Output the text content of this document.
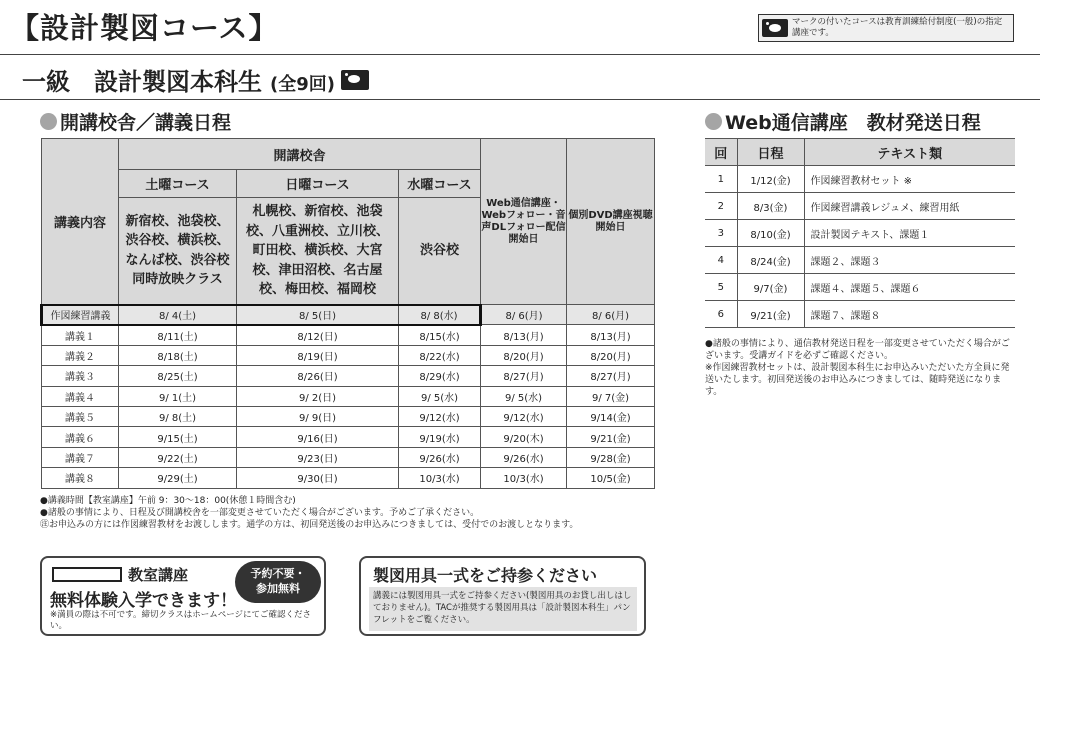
【設計製図コース】	マークの付いたコースは教育訓練給付制度(一般)の指定講座です。
一級　設計製図本科生 (全9回)
開講校舎／講義日程	Web通信講座　教材発送日程
講義内容	開講校舎			Web通信講座・Webフォロー・音声DLフォロー配信開始日	個別DVD講座視聴開始日
	土曜コース	日曜コース	水曜コース		
	新宿校、池袋校、渋谷校、横浜校、なんば校、渋谷校同時放映クラス	札幌校、新宿校、池袋校、八重洲校、立川校、町田校、横浜校、大宮校、津田沼校、名古屋校、梅田校、福岡校	渋谷校		
作図練習講義	8/ 4(土)	8/ 5(日)	8/ 8(水)	8/ 6(月)	8/ 6(月)
講義１	8/11(土)	8/12(日)	8/15(水)	8/13(月)	8/13(月)
講義２	8/18(土)	8/19(日)	8/22(水)	8/20(月)	8/20(月)
講義３	8/25(土)	8/26(日)	8/29(水)	8/27(月)	8/27(月)
講義４	9/ 1(土)	9/ 2(日)	9/ 5(水)	9/ 5(水)	9/ 7(金)
講義５	9/ 8(土)	9/ 9(日)	9/12(水)	9/12(水)	9/14(金)
講義６	9/15(土)	9/16(日)	9/19(水)	9/20(木)	9/21(金)
講義７	9/22(土)	9/23(日)	9/26(水)	9/26(水)	9/28(金)
講義８	9/29(土)	9/30(日)	10/3(水)	10/3(水)	10/5(金)
●講義時間【教室講座】午前 9：30〜18：00(休憩１時間含む)
●諸般の事情により、日程及び開講校舎を一部変更させていただく場合がございます。予めご了承ください。
㊟お申込みの方には作図練習教材をお渡しします。通学の方は、初回発送後のお申込みにつきましては、受付でのお渡しとなります。
回	日程	テキスト類
1	1/12(金)	作図練習教材セット ※
2	8/3(金)	作図練習講義レジュメ、練習用紙
3	8/10(金)	設計製図テキスト、課題１
4	8/24(金)	課題２、課題３
5	9/7(金)	課題４、課題５、課題６
6	9/21(金)	課題７、課題８
●諸般の事情により、通信教材発送日程を一部変更させていただく場合がございます。受講ガイドを必ずご確認ください。
※作図練習教材セットは、設計製図本科生にお申込みいただいた方全員に発送いたします。初回発送後のお申込みにつきましては、随時発送になります。
教室講座
無料体験入学できます！
予約不要・
参加無料
※満員の際は不可です。締切クラスはホームページにてご確認ください。
製図用具一式をご持参ください
講義には製図用具一式をご持参ください(製図用具のお貸し出しはしておりません)。TACが推奨する製図用具は「設計製図本科生」パンフレットをご覧ください。
